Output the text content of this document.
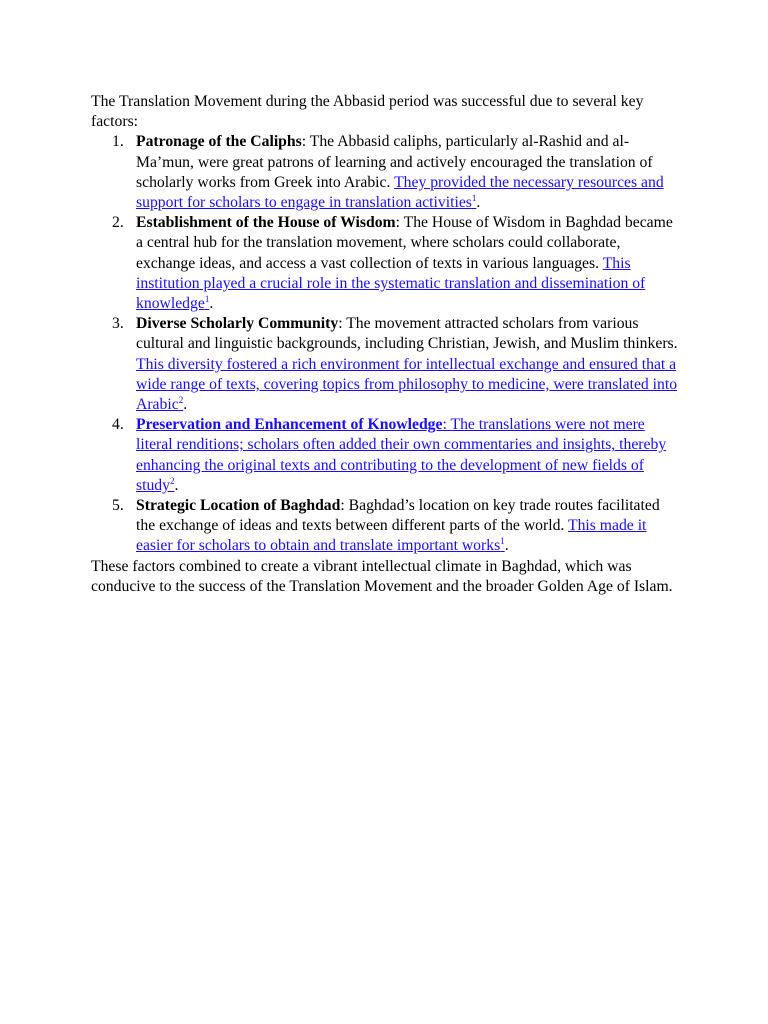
The Translation Movement during the Abbasid period was successful due to several key factors:

1. Patronage of the Caliphs: The Abbasid caliphs, particularly al-Rashid and al-Ma’mun, were great patrons of learning and actively encouraged the translation of scholarly works from Greek into Arabic. They provided the necessary resources and support for scholars to engage in translation activities$^1$.
2. Establishment of the House of Wisdom: The House of Wisdom in Baghdad became a central hub for the translation movement, where scholars could collaborate, exchange ideas, and access a vast collection of texts in various languages. This institution played a crucial role in the systematic translation and dissemination of knowledge$^1$.
3. Diverse Scholarly Community: The movement attracted scholars from various cultural and linguistic backgrounds, including Christian, Jewish, and Muslim thinkers. This diversity fostered a rich environment for intellectual exchange and ensured that a wide range of texts, covering topics from philosophy to medicine, were translated into Arabic$^2$.
4. Preservation and Enhancement of Knowledge: The translations were not mere literal renditions; scholars often added their own commentaries and insights, thereby enhancing the original texts and contributing to the development of new fields of study$^2$.
5. Strategic Location of Baghdad: Baghdad’s location on key trade routes facilitated the exchange of ideas and texts between different parts of the world. This made it easier for scholars to obtain and translate important works$^1$.

These factors combined to create a vibrant intellectual climate in Baghdad, which was conducive to the success of the Translation Movement and the broader Golden Age of Islam.
